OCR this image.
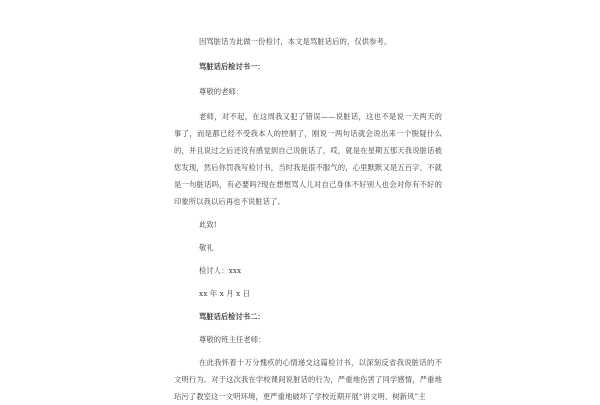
因骂脏话为此做一份检讨，本文是骂脏话后的，仅供参考。

骂脏话后检讨书一：

尊敬的老师：

老师，对不起，在这周我又犯了错误——说脏话，这也不是说一天两天的事了，而是都已经不受我本人的控制了，刚说一两句话就会说出来一个脱疑什么的，并且说过之后还没有感觉到自己说脏话了，哎，就是在星期五那天我说脏话被您发现，然后你罚我写检讨书，当时我是很不服气的，心里默默又是五百字，不就是一句脏话吗，有必要吗?现在想想骂人儿对自己身体不好别人也会对你有不好的印象所以我以后再也不说脏话了。

此致!

敬礼

检讨人：xxx

xx 年 x 月 x 日

骂脏话后检讨书二：

尊敬的班主任老师：

在此我怀着十万分愧疚的心情递交这篇检讨书，以深刻反省我说脏话的不文明行为。对于这次我在学校课间说脏话的行为，严重地伤害了同学感情，严重地玷污了教室这一文明环境，更严重地破坏了学校近期开展“讲文明、树新风”主
